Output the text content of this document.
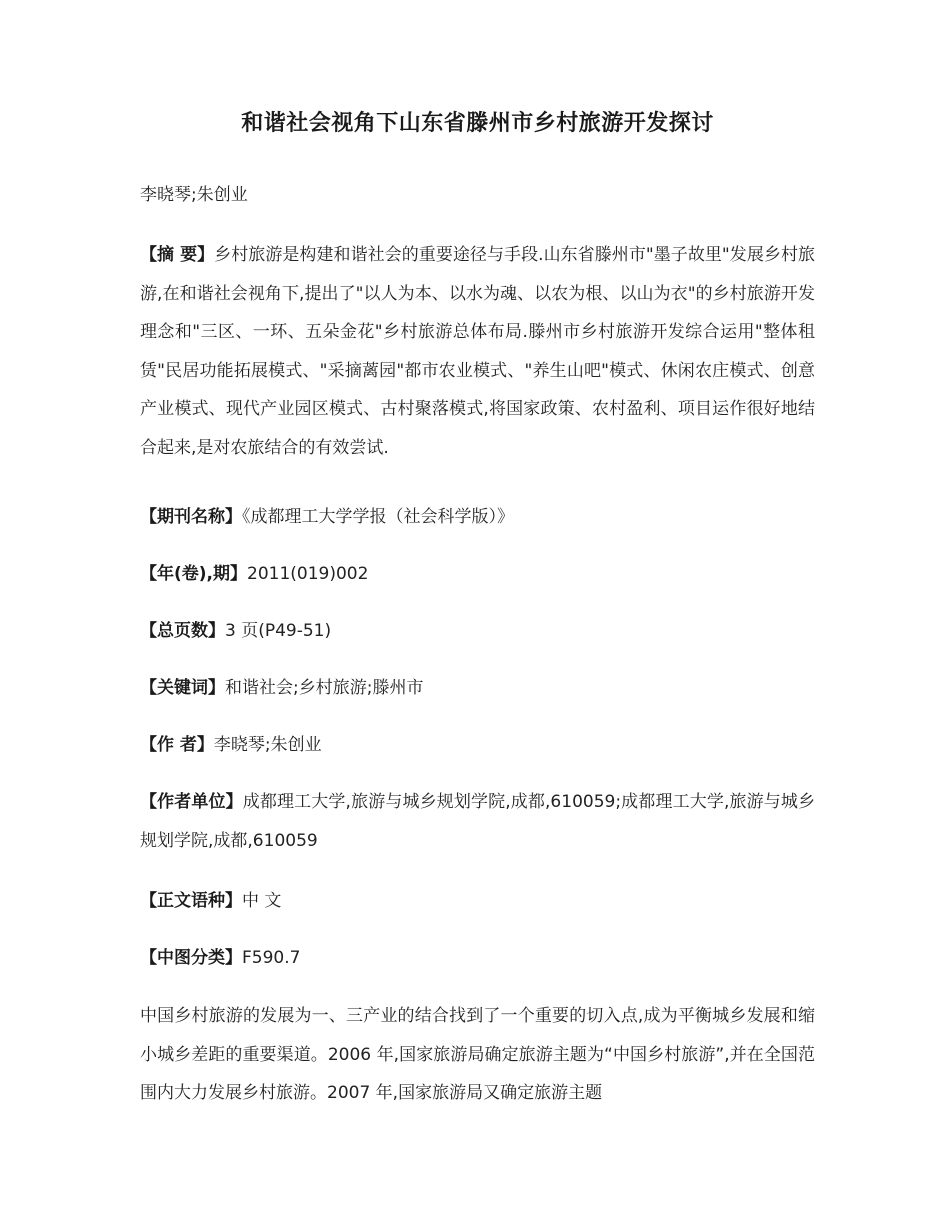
和谐社会视角下山东省滕州市乡村旅游开发探讨
李晓琴;朱创业
【摘 要】乡村旅游是构建和谐社会的重要途径与手段.山东省滕州市"墨子故里"发展乡村旅游,在和谐社会视角下,提出了"以人为本、以水为魂、以农为根、以山为衣"的乡村旅游开发理念和"三区、一环、五朵金花"乡村旅游总体布局.滕州市乡村旅游开发综合运用"整体租赁"民居功能拓展模式、"采摘蓠园"都市农业模式、"养生山吧"模式、休闲农庄模式、创意产业模式、现代产业园区模式、古村聚落模式,将国家政策、农村盈利、项目运作很好地结合起来,是对农旅结合的有效尝试.
【期刊名称】《成都理工大学学报（社会科学版）》
【年(卷),期】2011(019)002
【总页数】3 页(P49-51)
【关键词】和谐社会;乡村旅游;滕州市
【作 者】李晓琴;朱创业
【作者单位】成都理工大学,旅游与城乡规划学院,成都,610059;成都理工大学,旅游与城乡规划学院,成都,610059
【正文语种】中 文
【中图分类】F590.7
中国乡村旅游的发展为一、三产业的结合找到了一个重要的切入点,成为平衡城乡发展和缩小城乡差距的重要渠道。2006 年,国家旅游局确定旅游主题为“中国乡村旅游”,并在全国范围内大力发展乡村旅游。2007 年,国家旅游局又确定旅游主题
